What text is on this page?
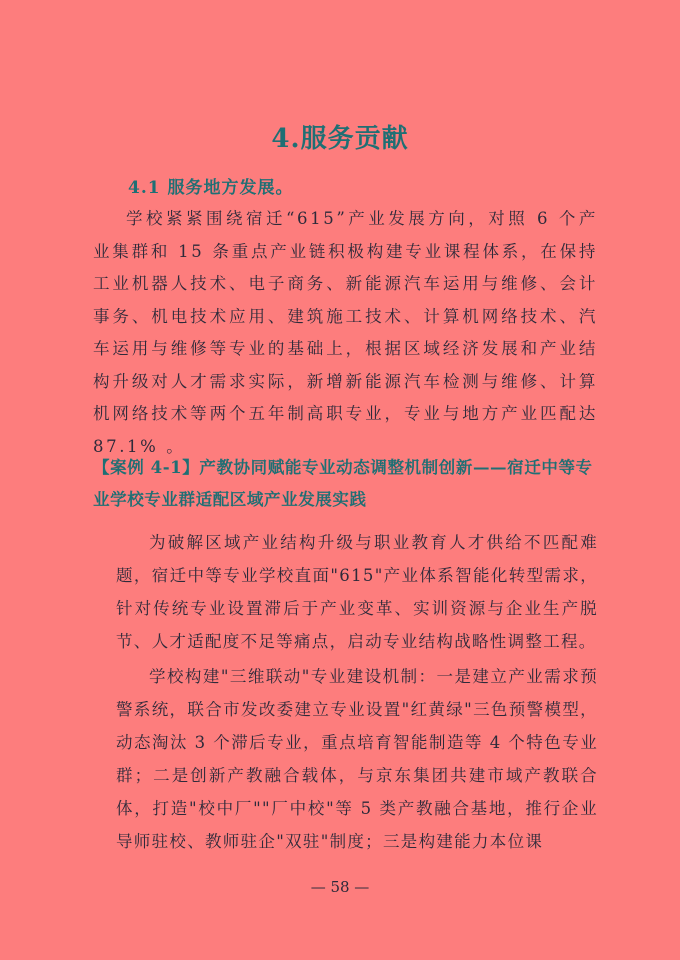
4.服务贡献
4.1 服务地方发展。

学校紧紧围绕宿迁“615”产业发展方向，对照 6 个产业集群和 15 条重点产业链积极构建专业课程体系，在保持工业机器人技术、电子商务、新能源汽车运用与维修、会计事务、机电技术应用、建筑施工技术、计算机网络技术、汽车运用与维修等专业的基础上，根据区域经济发展和产业结构升级对人才需求实际，新增新能源汽车检测与维修、计算机网络技术等两个五年制高职专业，专业与地方产业匹配达 87.1% 。

【案例 4-1】产教协同赋能专业动态调整机制创新——宿迁中等专业学校专业群适配区域产业发展实践

为破解区域产业结构升级与职业教育人才供给不匹配难题，宿迁中等专业学校直面"615"产业体系智能化转型需求，针对传统专业设置滞后于产业变革、实训资源与企业生产脱节、人才适配度不足等痛点，启动专业结构战略性调整工程。

学校构建"三维联动"专业建设机制：一是建立产业需求预警系统，联合市发改委建立专业设置"红黄绿"三色预警模型，动态淘汰 3 个滞后专业，重点培育智能制造等 4 个特色专业群；二是创新产教融合载体，与京东集团共建市域产教联合体，打造"校中厂""厂中校"等 5 类产教融合基地，推行企业导师驻校、教师驻企"双驻"制度；三是构建能力本位课

— 58 —
